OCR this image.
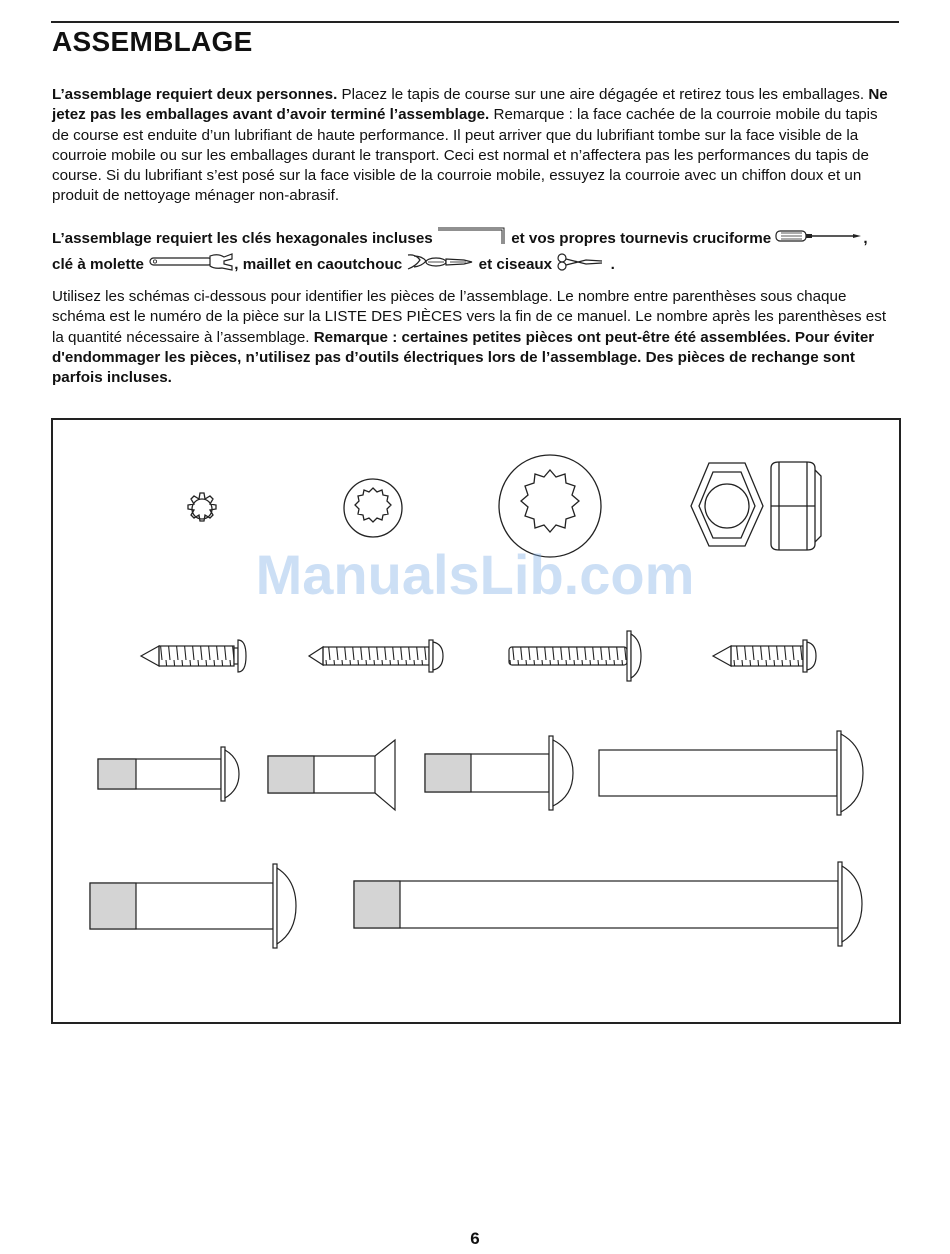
ASSEMBLAGE

L’assemblage requiert deux personnes. Placez le tapis de course sur une aire dégagée et retirez tous les emballages. Ne jetez pas les emballages avant d’avoir terminé l’assemblage. Remarque : la face cachée de la courroie mobile du tapis de course est enduite d’un lubrifiant de haute performance. Il peut arriver que du lubrifiant tombe sur la face visible de la courroie mobile ou sur les emballages durant le transport. Ceci est normal et n’affectera pas les performances du tapis de course. Si du lubrifiant s’est posé sur la face visible de la courroie mobile, essuyez la courroie avec un chiffon doux et un produit de nettoyage ménager non-abrasif.

L’assemblage requiert les clés hexagonales incluses	et vos propres tournevis cruciforme	,
clé à molette	, maillet en caoutchouc	et ciseaux	.

Utilisez les schémas ci-dessous pour identifier les pièces de l’assemblage. Le nombre entre parenthèses sous chaque schéma est le numéro de la pièce sur la LISTE DES PIÈCES vers la fin de ce manuel. Le nombre après les parenthèses est la quantité nécessaire à l’assemblage. Remarque : certaines petites pièces ont peut-être été assemblées. Pour éviter d'endommager les pièces, n’utilisez pas d’outils électriques lors de l’assemblage. Des pièces de rechange sont parfois incluses.

ManualsLib.com
6
